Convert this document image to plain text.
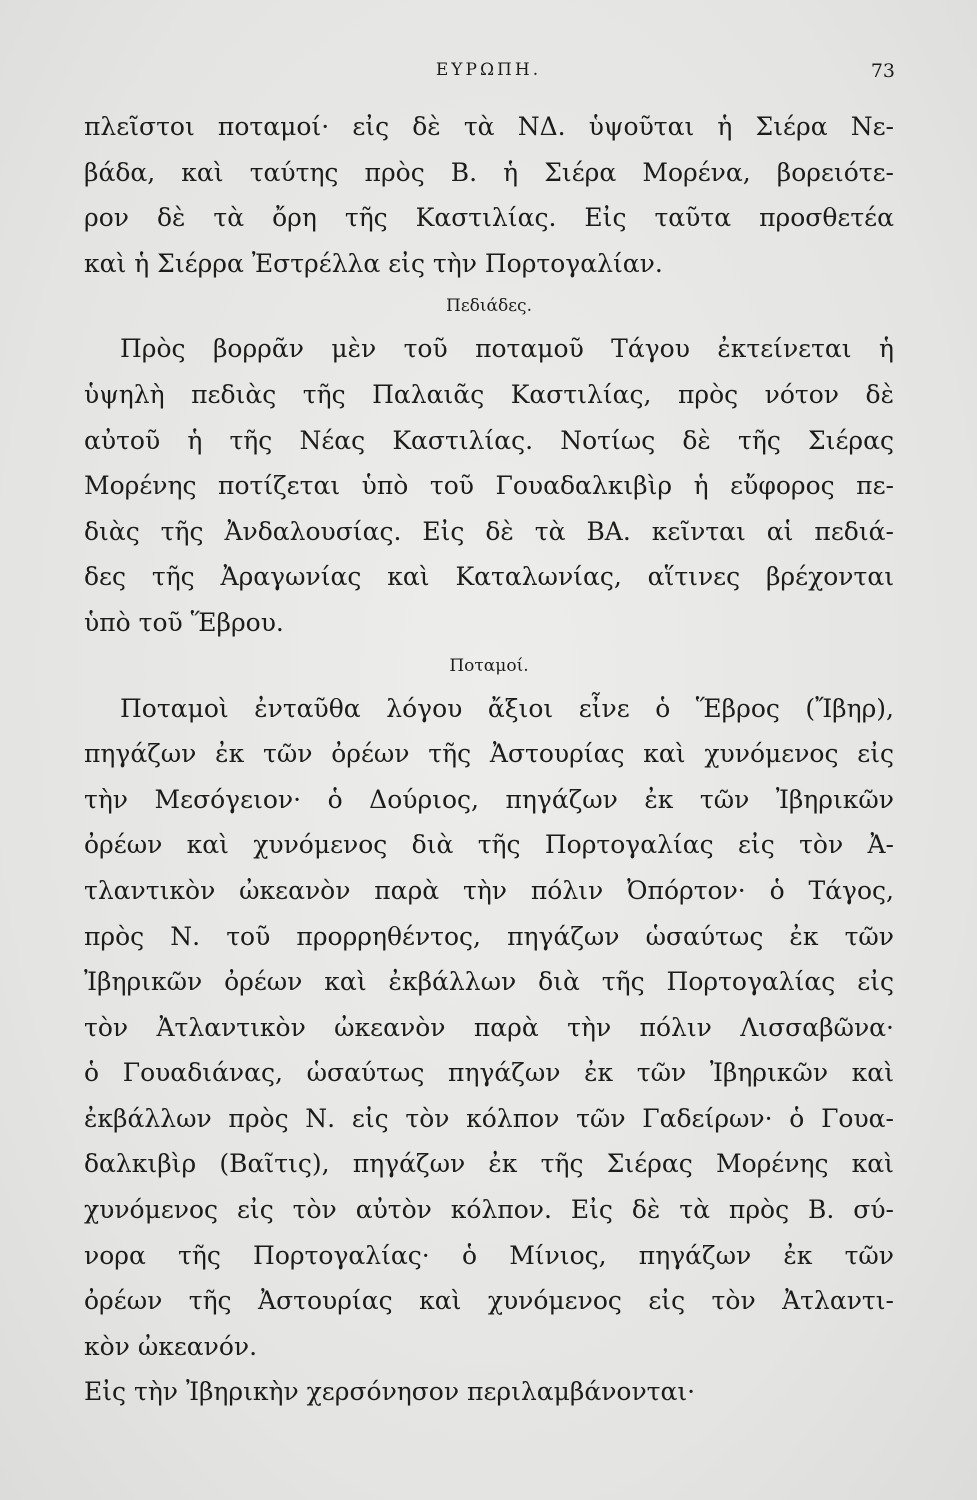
ΕΥΡΩΠΗ.	73
πλεῖστοι ποταμοί· εἰς δὲ τὰ ΝΔ. ὑψοῦται ἡ Σιέρα Νε-
βάδα, καὶ ταύτης πρὸς Β. ἡ Σιέρα Μορένα, βορειότε-
ρον δὲ τὰ ὄρη τῆς Καστιλίας. Εἰς ταῦτα προσθετέα
καὶ ἡ Σιέρρα Ἐστρέλλα εἰς τὴν Πορτογαλίαν.
Πεδιάδες.
Πρὸς βορρᾶν μὲν τοῦ ποταμοῦ Τάγου ἐκτείνεται ἡ
ὑψηλὴ πεδιὰς τῆς Παλαιᾶς Καστιλίας, πρὸς νότον δὲ
αὐτοῦ ἡ τῆς Νέας Καστιλίας. Νοτίως δὲ τῆς Σιέρας
Μορένης ποτίζεται ὑπὸ τοῦ Γουαδαλκιβὶρ ἡ εὔφορος πε-
διὰς τῆς Ἀνδαλουσίας. Εἰς δὲ τὰ ΒΑ. κεῖνται αἱ πεδιά-
δες τῆς Ἀραγωνίας καὶ Καταλωνίας, αἵτινες βρέχονται
ὑπὸ τοῦ Ἕβρου.
Ποταμοί.
Ποταμοὶ ἐνταῦθα λόγου ἄξιοι εἶνε ὁ Ἕβρος (Ἴβηρ),
πηγάζων ἐκ τῶν ὀρέων τῆς Ἀστουρίας καὶ χυνόμενος εἰς
τὴν Μεσόγειον· ὁ Δούριος, πηγάζων ἐκ τῶν Ἰβηρικῶν
ὀρέων καὶ χυνόμενος διὰ τῆς Πορτογαλίας εἰς τὸν Ἀ-
τλαντικὸν ὠκεανὸν παρὰ τὴν πόλιν Ὀπόρτον· ὁ Τάγος,
πρὸς Ν. τοῦ προρρηθέντος, πηγάζων ὡσαύτως ἐκ τῶν
Ἰβηρικῶν ὀρέων καὶ ἐκβάλλων διὰ τῆς Πορτογαλίας εἰς
τὸν Ἀτλαντικὸν ὠκεανὸν παρὰ τὴν πόλιν Λισσαβῶνα·
ὁ Γουαδιάνας, ὡσαύτως πηγάζων ἐκ τῶν Ἰβηρικῶν καὶ
ἐκβάλλων πρὸς Ν. εἰς τὸν κόλπον τῶν Γαδείρων· ὁ Γουα-
δαλκιβὶρ (Βαῖτις), πηγάζων ἐκ τῆς Σιέρας Μορένης καὶ
χυνόμενος εἰς τὸν αὐτὸν κόλπον. Εἰς δὲ τὰ πρὸς Β. σύ-
νορα τῆς Πορτογαλίας· ὁ Μίνιος, πηγάζων ἐκ τῶν
ὀρέων τῆς Ἀστουρίας καὶ χυνόμενος εἰς τὸν Ἀτλαντι-
κὸν ὠκεανόν.
Εἰς τὴν Ἰβηρικὴν χερσόνησον περιλαμβάνονται·
